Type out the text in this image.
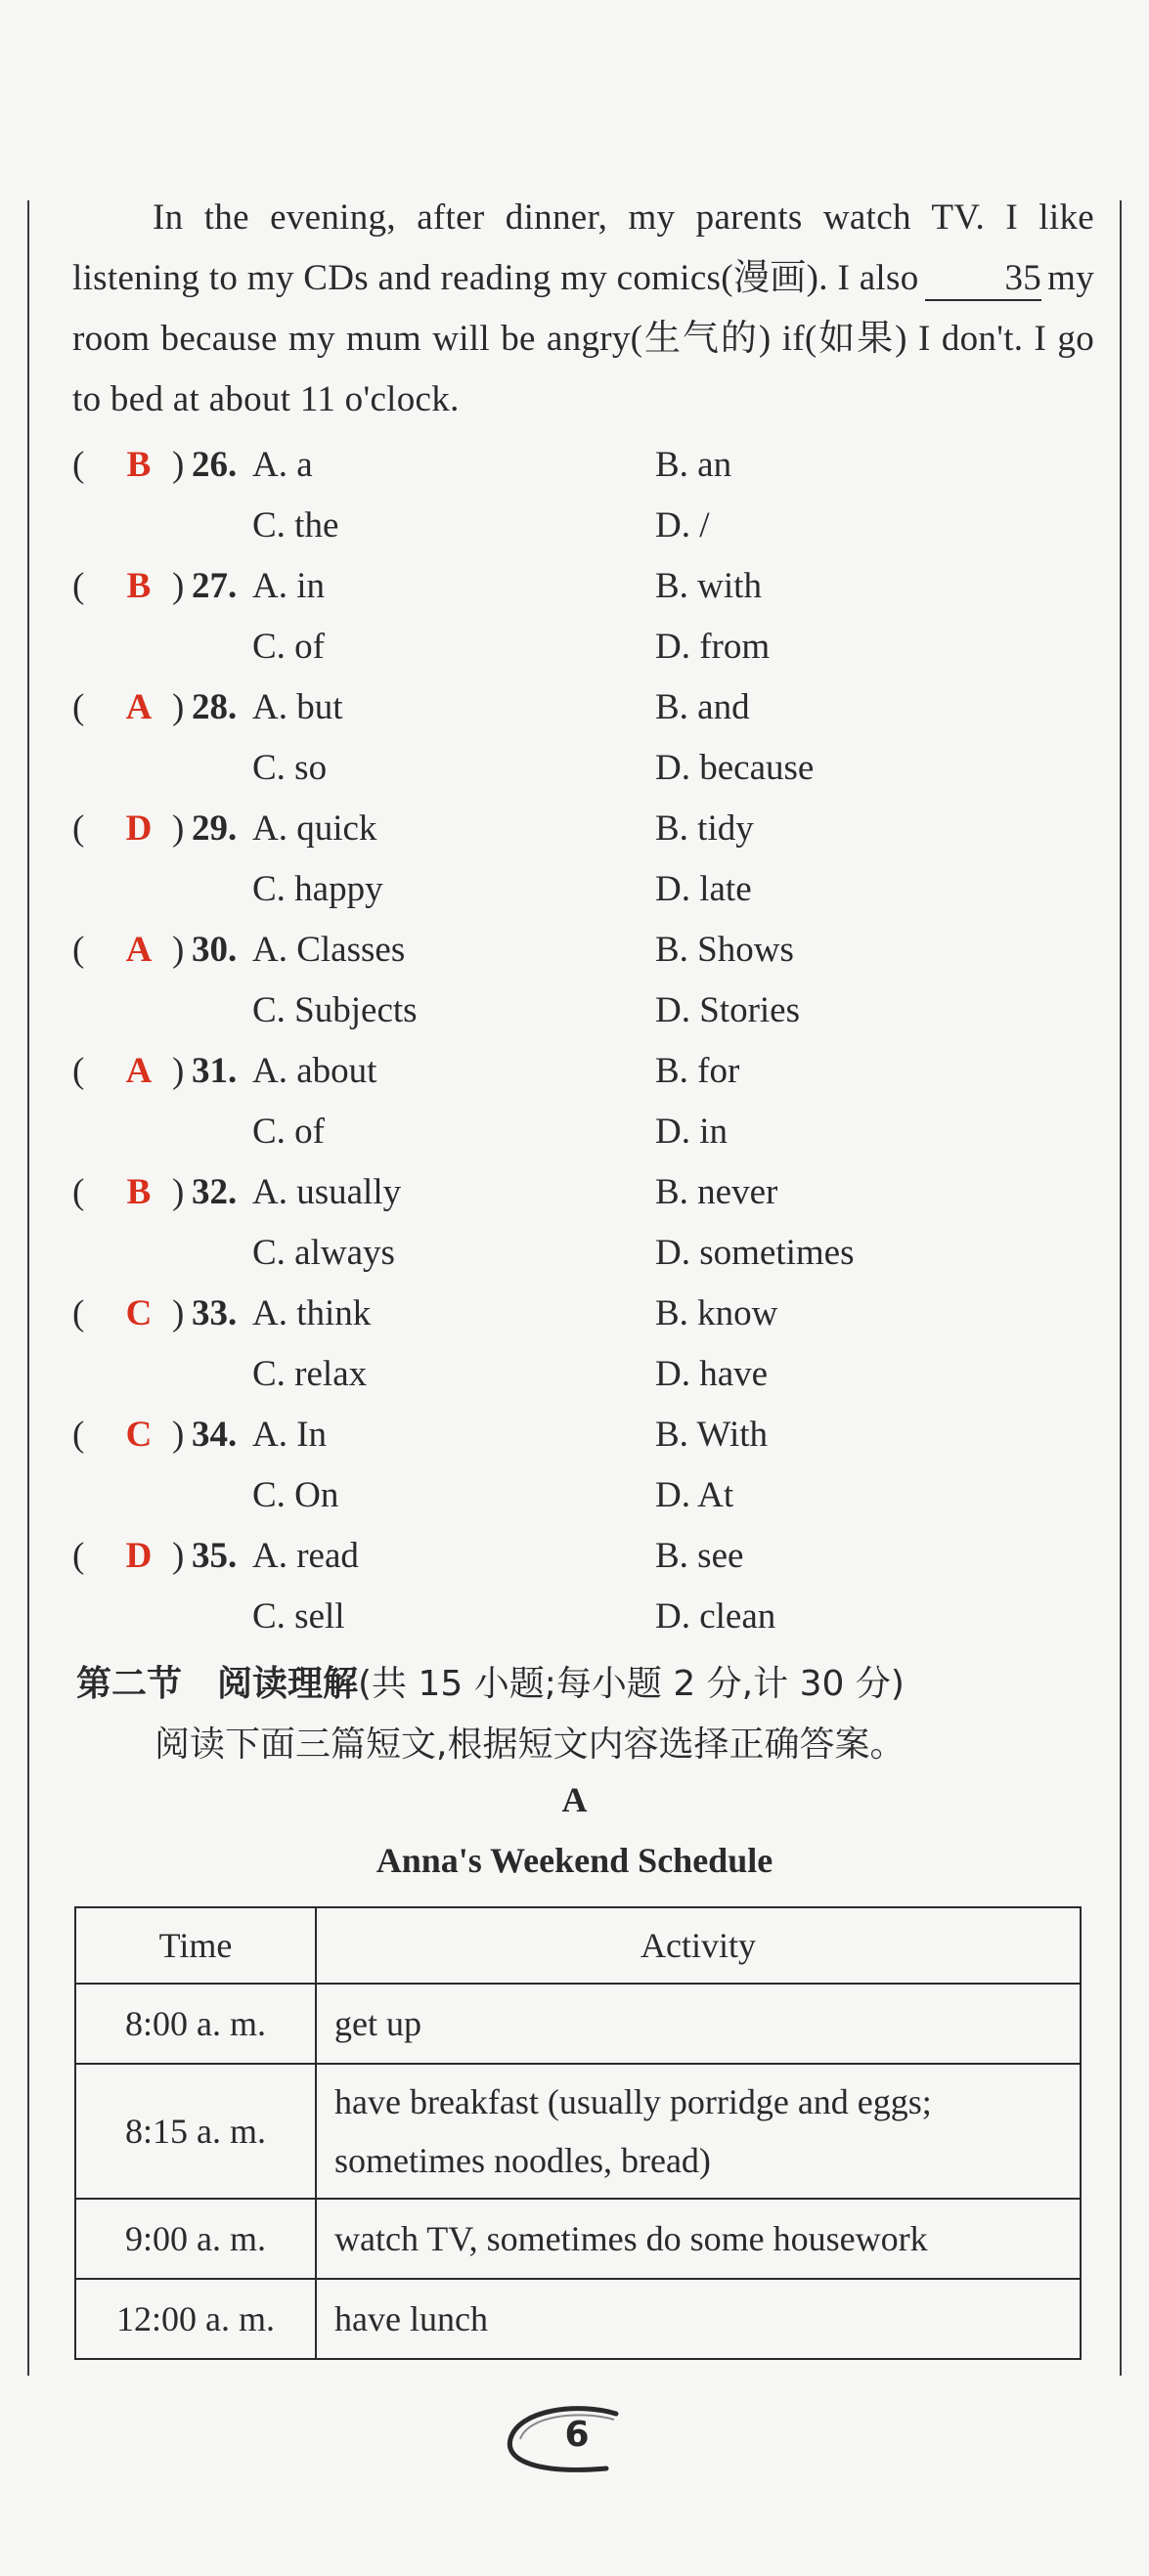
In the evening, after dinner, my parents watch TV. I like listening to my CDs and reading my comics(漫画). I also 35 my room because my mum will be angry(生气的) if(如果) I don't. I go to bed at about 11 o'clock.

( B ) 26. A. a	B. an
C. the	D. /
( B ) 27. A. in	B. with
C. of	D. from
( A ) 28. A. but	B. and
C. so	D. because
( D ) 29. A. quick	B. tidy
C. happy	D. late
( A ) 30. A. Classes	B. Shows
C. Subjects	D. Stories
( A ) 31. A. about	B. for
C. of	D. in
( B ) 32. A. usually	B. never
C. always	D. sometimes
( C ) 33. A. think	B. know
C. relax	D. have
( C ) 34. A. In	B. With
C. On	D. At
( D ) 35. A. read	B. see
C. sell	D. clean
第二节　阅读理解(共 15 小题;每小题 2 分,计 30 分)
阅读下面三篇短文,根据短文内容选择正确答案。
A
Anna's Weekend Schedule
Time	Activity
8:00 a. m.	get up
8:15 a. m.	have breakfast (usually porridge and eggs; sometimes noodles, bread)
9:00 a. m.	watch TV, sometimes do some housework
12:00 a. m.	have lunch
6
